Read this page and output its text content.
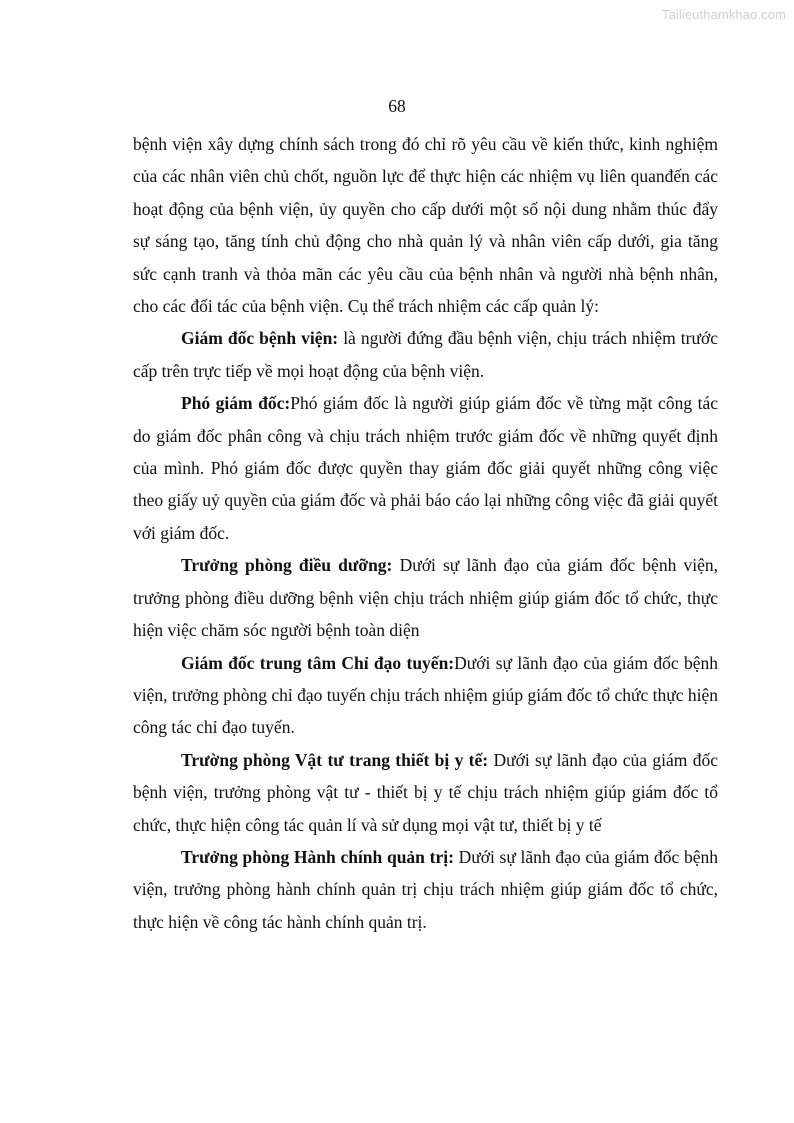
Tailieuthamkhao.com
68

bệnh viện xây dựng chính sách trong đó chỉ rõ yêu cầu về kiến thức, kinh nghiệm của các nhân viên chủ chốt, nguồn lực để thực hiện các nhiệm vụ liên quanđến các hoạt động của bệnh viện, ủy quyền cho cấp dưới một số nội dung nhằm thúc đẩy sự sáng tạo, tăng tính chủ động cho nhà quản lý và nhân viên cấp dưới, gia tăng sức cạnh tranh và thỏa mãn các yêu cầu của bệnh nhân và người nhà bệnh nhân, cho các đối tác của bệnh viện. Cụ thể trách nhiệm các cấp quản lý:

Giám đốc bệnh viện: là người đứng đầu bệnh viện, chịu trách nhiệm trước cấp trên trực tiếp về mọi hoạt động của bệnh viện.

Phó giám đốc:Phó giám đốc là người giúp giám đốc về từng mặt công tác do giám đốc phân công và chịu trách nhiệm trước giám đốc về những quyết định của mình. Phó giám đốc được quyền thay giám đốc giải quyết những công việc theo giấy uỷ quyền của giám đốc và phải báo cáo lại những công việc đã giải quyết với giám đốc.

Trưởng phòng điều dưỡng: Dưới sự lãnh đạo của giám đốc bệnh viện, trưởng phòng điều dưỡng bệnh viện chịu trách nhiệm giúp giám đốc tổ chức, thực hiện việc chăm sóc người bệnh toàn diện

Giám đốc trung tâm Chỉ đạo tuyến:Dưới sự lãnh đạo của giám đốc bệnh viện, trưởng phòng chỉ đạo tuyến chịu trách nhiệm giúp giám đốc tổ chức thực hiện công tác chỉ đạo tuyến.

Trường phòng Vật tư trang thiết bị y tế: Dưới sự lãnh đạo của giám đốc bệnh viện, trưởng phòng vật tư - thiết bị y tế chịu trách nhiệm giúp giám đốc tổ chức, thực hiện công tác quản lí và sử dụng mọi vật tư, thiết bị y tế

Trưởng phòng Hành chính quản trị: Dưới sự lãnh đạo của giám đốc bệnh viện, trưởng phòng hành chính quản trị chịu trách nhiệm giúp giám đốc tổ chức, thực hiện về công tác hành chính quản trị.
